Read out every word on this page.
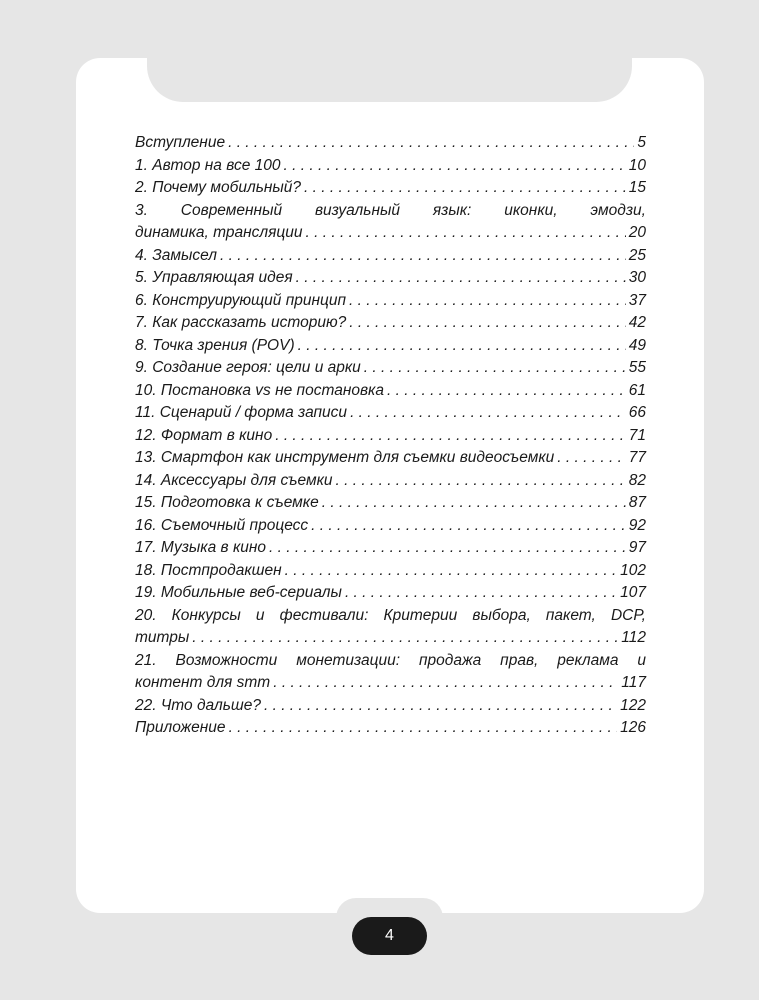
Вступление . . .	5
1. Автор на все 100 . . .	10
2. Почему мобильный? . . .	15
3. Современный визуальный язык: иконки, эмодзи,
динамика, трансляции . . .	20
4. Замысел . . .	25
5. Управляющая идея . . .	30
6. Конструирующий принцип . . .	37
7. Как рассказать историю? . . .	42
8. Точка зрения (POV) . . .	49
9. Создание героя: цели и арки . . .	55
10. Постановка vs не постановка . . .	61
11. Сценарий / форма записи . . .	66
12. Формат в кино . . .	71
13. Смартфон как инструмент для съемки видеосъемки . . .	77
14. Аксессуары для съемки . . .	82
15. Подготовка к съемке . . .	87
16. Съемочный процесс . . .	92
17. Музыка в кино . . .	97
18. Постпродакшен . . .	102
19. Мобильные веб-сериалы . . .	107
20. Конкурсы и фестивали: Критерии выбора, пакет, DCP,
титры . . .	112
21. Возможности монетизации: продажа прав, реклама и
контент для smm . . .	117
22. Что дальше? . . .	122
Приложение . . .	126
4
